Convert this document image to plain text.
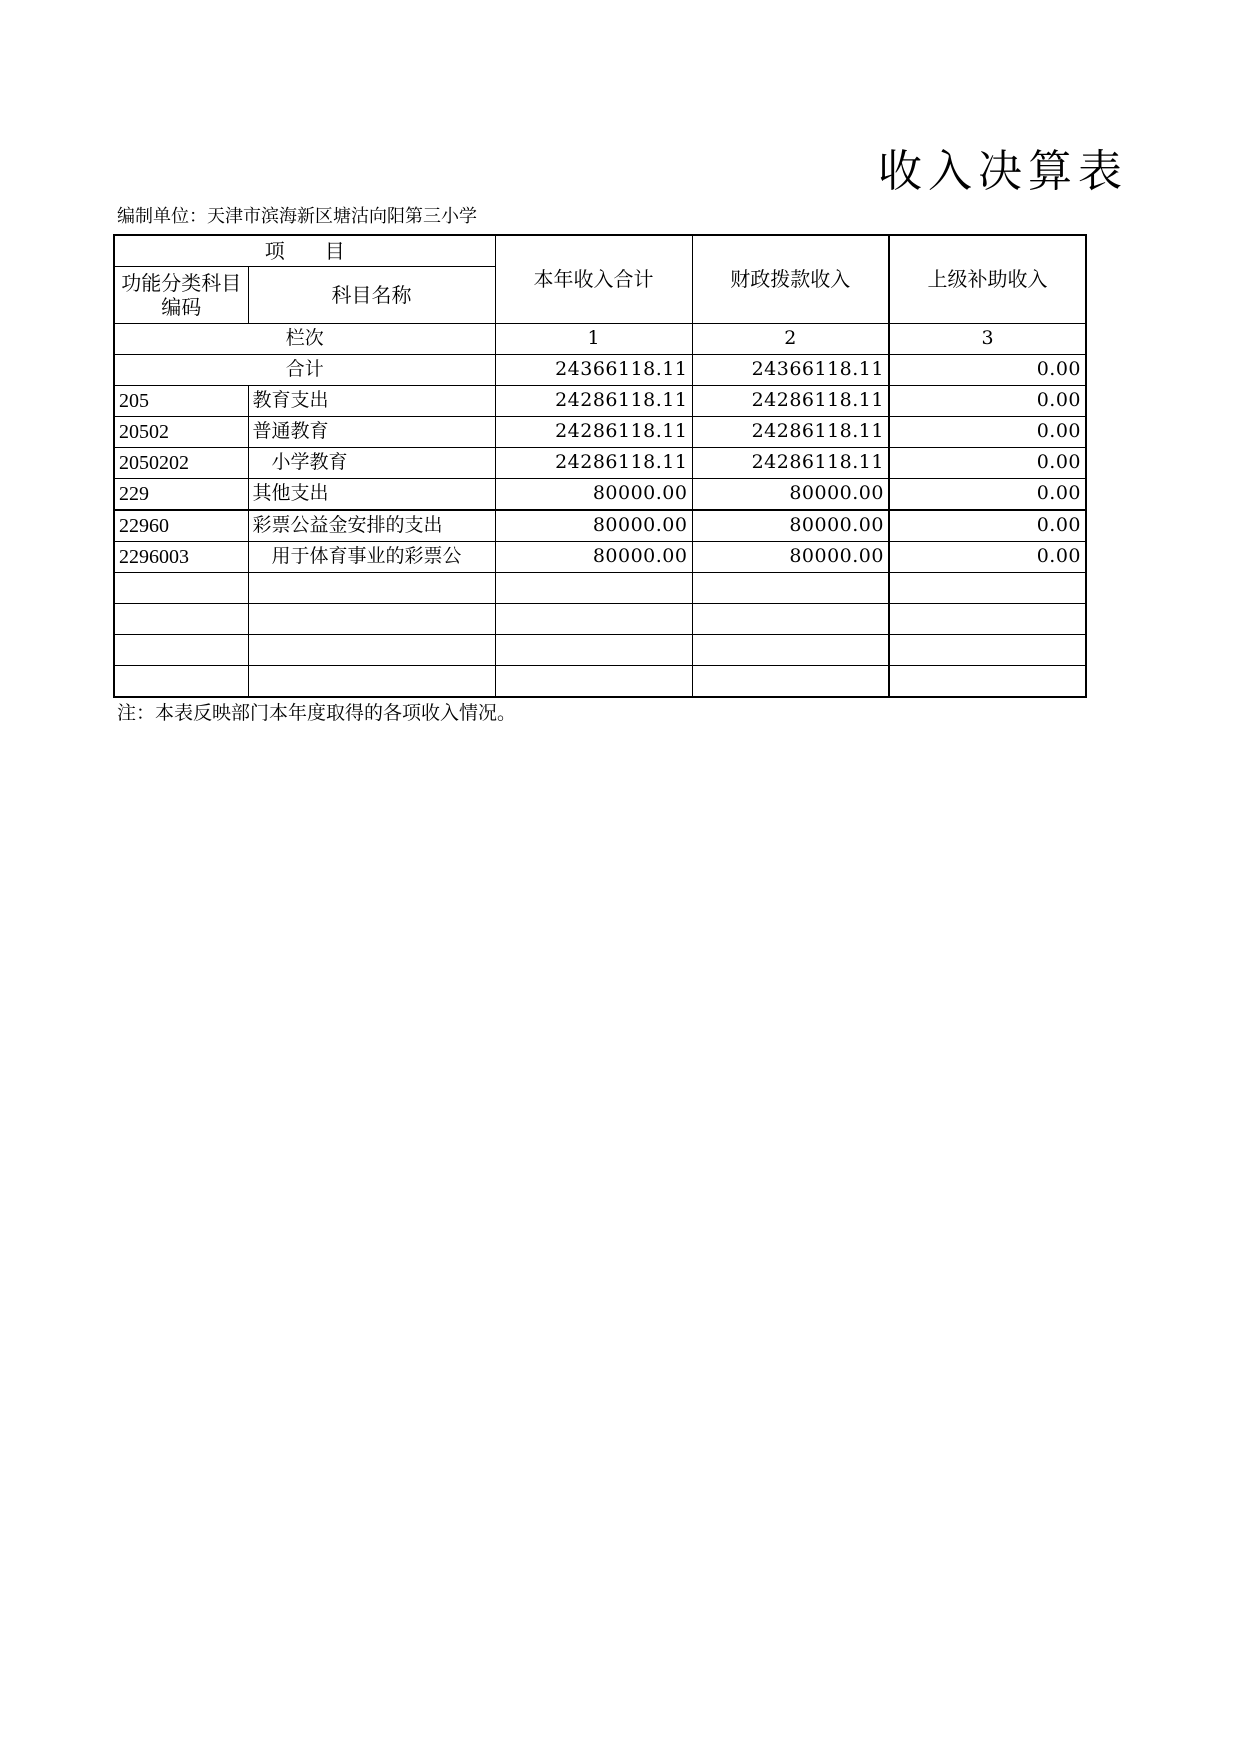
收入决算表
编制单位：天津市滨海新区塘沽向阳第三小学
项　　目		本年收入合计	财政拨款收入	上级补助收入
功能分类科目编码	科目名称			
栏次		1	2	3
合计		24366118.11	24366118.11	0.00
205	教育支出	24286118.11	24286118.11	0.00
20502	普通教育	24286118.11	24286118.11	0.00
2050202	　小学教育	24286118.11	24286118.11	0.00
229	其他支出	80000.00	80000.00	0.00
22960	彩票公益金安排的支出	80000.00	80000.00	0.00
2296003	　用于体育事业的彩票公	80000.00	80000.00	0.00

注：本表反映部门本年度取得的各项收入情况。
